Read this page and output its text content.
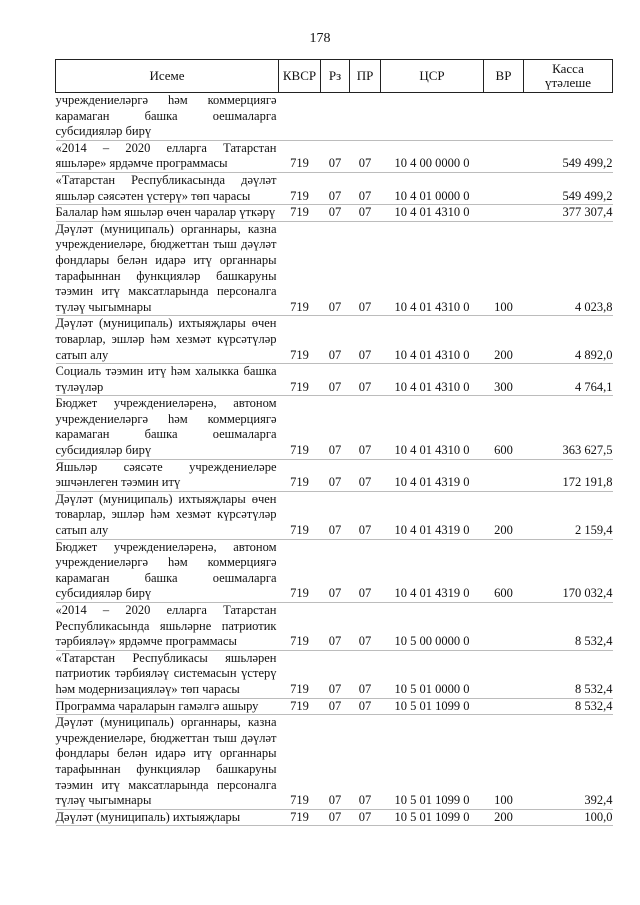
178
Исеме	КВСР	Рз	ПР	ЦСР	ВР	Касса
үтәлеше

учреждениеләргә һәм коммерциягә карамаган башка оешмаларга субсидияләр бирү						
«2014 – 2020 елларга Татарстан яшьләре» ярдәмче программасы	719	07	07	10 4 00 0000 0		549 499,2
«Татарстан Республикасында дәүләт яшьләр сәясәтен үстерү» төп чарасы	719	07	07	10 4 01 0000 0		549 499,2
Балалар һәм яшьләр өчен чаралар үткәрү	719	07	07	10 4 01 4310 0		377 307,4
Дәүләт (муниципаль) органнары, казна учреждениеләре, бюджеттан тыш дәүләт фондлары белән идарә итү органнары тарафыннан функцияләр башкаруны тәэмин итү максатларында персоналга түләү чыгымнары	719	07	07	10 4 01 4310 0	100	4 023,8
Дәүләт (муниципаль) ихтыяҗлары өчен товарлар, эшләр һәм хезмәт күрсәтүләр сатып алу	719	07	07	10 4 01 4310 0	200	4 892,0
Социаль тәэмин итү һәм халыкка башка түләүләр	719	07	07	10 4 01 4310 0	300	4 764,1
Бюджет учреждениеләренә, автоном учреждениеләргә һәм коммерциягә карамаган башка оешмаларга субсидияләр бирү	719	07	07	10 4 01 4310 0	600	363 627,5
Яшьләр сәясәте учреждениеләре эшчәнлеген тәэмин итү	719	07	07	10 4 01 4319 0		172 191,8
Дәүләт (муниципаль) ихтыяҗлары өчен товарлар, эшләр һәм хезмәт күрсәтүләр сатып алу	719	07	07	10 4 01 4319 0	200	2 159,4
Бюджет учреждениеләренә, автоном учреждениеләргә һәм коммерциягә карамаган башка оешмаларга субсидияләр бирү	719	07	07	10 4 01 4319 0	600	170 032,4
«2014 – 2020 елларга Татарстан Республикасында яшьләрне патриотик тәрбияләү» ярдәмче программасы	719	07	07	10 5 00 0000 0		8 532,4
«Татарстан Республикасы яшьләрен патриотик тәрбияләү системасын үстерү һәм модернизацияләү» төп чарасы	719	07	07	10 5 01 0000 0		8 532,4
Программа чараларын гамәлгә ашыру	719	07	07	10 5 01 1099 0		8 532,4
Дәүләт (муниципаль) органнары, казна учреждениеләре, бюджеттан тыш дәүләт фондлары белән идарә итү органнары тарафыннан функцияләр башкаруны тәэмин итү максатларында персоналга түләү чыгымнары	719	07	07	10 5 01 1099 0	100	392,4
Дәүләт (муниципаль) ихтыяҗлары	719	07	07	10 5 01 1099 0	200	100,0
